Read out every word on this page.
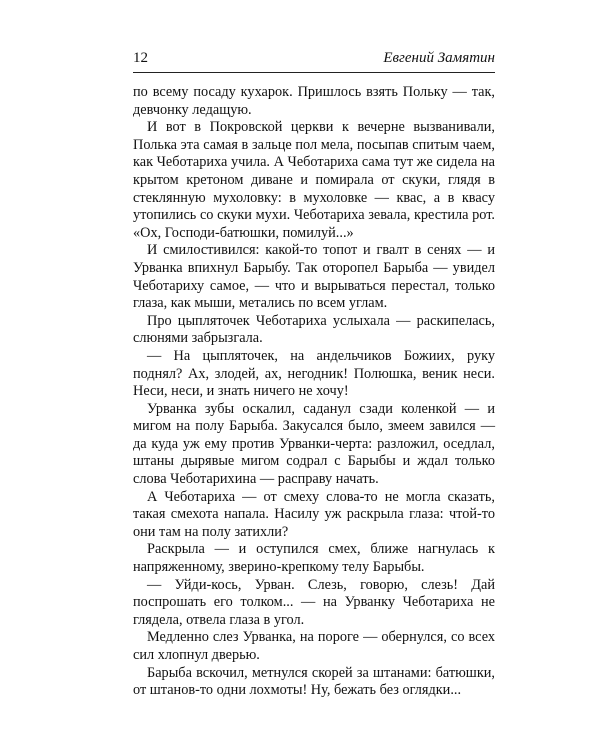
12	Евгений Замятин

по всему посаду кухарок. Пришлось взять Польку — так, девчонку ледащую.

И вот в Покровской церкви к вечерне вызванивали, Полька эта самая в зальце пол мела, посыпав спитым чаем, как Чеботариха учила. А Чеботариха сама тут же сидела на крытом кретоном диване и помирала от скуки, глядя в стеклянную мухоловку: в мухоловке — квас, а в квасу утопились со скуки мухи. Чеботариха зевала, крестила рот. «Ох, Господи-батюшки, помилуй...»

И смилостивился: какой-то топот и гвалт в сенях — и Урванка впихнул Барыбу. Так оторопел Барыба — увидел Чеботариху самое, — что и вырываться перестал, только глаза, как мыши, метались по всем углам.

Про цыпляточек Чеботариха услыхала — раскипелась, слюнями забрызгала.

— На цыпляточек, на андельчиков Божиих, руку поднял? Ах, злодей, ах, негодник! Полюшка, веник неси. Неси, неси, и знать ничего не хочу!

Урванка зубы оскалил, саданул сзади коленкой — и мигом на полу Барыба. Закусался было, змеем завился — да куда уж ему против Урванки-черта: разложил, оседлал, штаны дырявые мигом содрал с Барыбы и ждал только слова Чеботарихина — расправу начать.

А Чеботариха — от смеху слова-то не могла сказать, такая смехота напала. Насилу уж раскрыла глаза: чтой-то они там на полу затихли?

Раскрыла — и оступился смех, ближе нагнулась к напряженному, зверино-крепкому телу Барыбы.

— Уйди-кось, Урван. Слезь, говорю, слезь! Дай поспрошать его толком... — на Урванку Чеботариха не глядела, отвела глаза в угол.

Медленно слез Урванка, на пороге — обернулся, со всех сил хлопнул дверью.

Барыба вскочил, метнулся скорей за штанами: батюшки, от штанов-то одни лохмоты! Ну, бежать без оглядки...
